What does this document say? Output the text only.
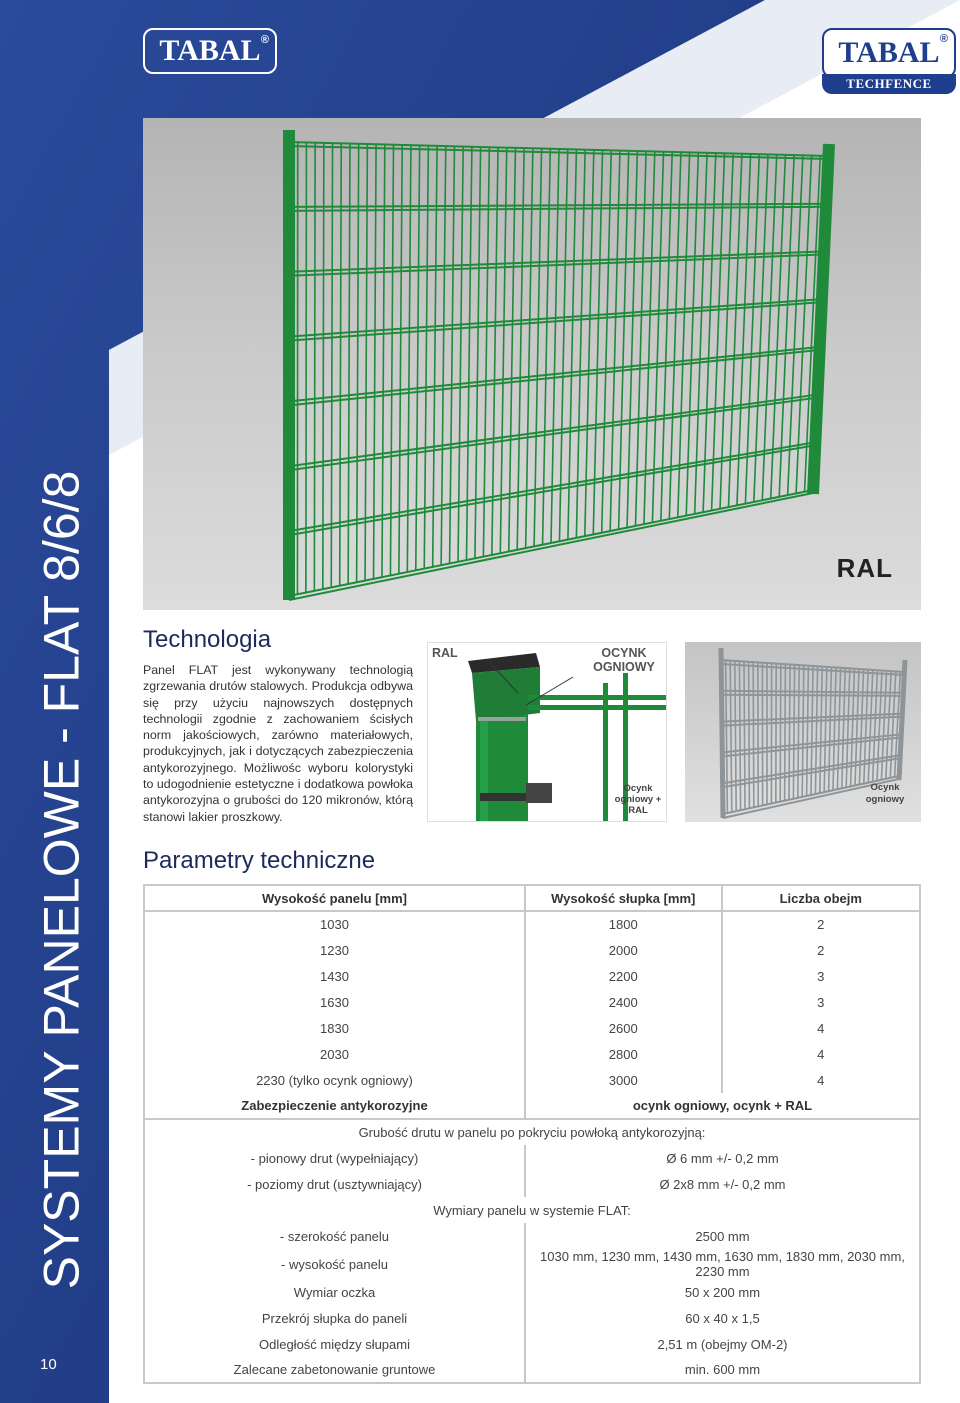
TABAL ®	TABAL ®
TECHFENCE
SYSTEMY PANELOWE - FLAT 8/6/8
10
RAL
Technologia
Panel FLAT jest wykonywany technologią zgrzewania drutów stalowych. Produkcja odbywa się przy użyciu najnowszych dostępnych technologii zgodnie z zachowaniem ścisłych norm jakościowych, zarówno materiałowych, produkcyjnych, jak i dotyczących zabezpieczenia antykorozyjnego. Możliwośc wyboru kolorystyki to udogodnienie estetyczne i dodatkowa powłoka antykorozyjna o grubości do 120 mikronów, którą stanowi lakier proszkowy.
RAL	OCYNK OGNIOWY
Ocynk ogniowy + RAL
Ocynk ogniowy
Parametry techniczne
Wysokość panelu [mm]	Wysokość słupka [mm]	Liczba obejm
1030	1800	2
1230	2000	2
1430	2200	3
1630	2400	3
1830	2600	4
2030	2800	4
2230 (tylko ocynk ogniowy)	3000	4
Zabezpieczenie antykorozyjne	ocynk ogniowy, ocynk + RAL	
Grubość drutu w panelu po pokryciu powłoką antykorozyjną:		
- pionowy drut (wypełniający)	Ø 6 mm +/- 0,2 mm	
- poziomy drut (usztywniający)	Ø 2x8 mm +/- 0,2 mm	
Wymiary panelu w systemie FLAT:		
- szerokość panelu	2500 mm	
- wysokość panelu	1030 mm, 1230 mm, 1430 mm, 1630 mm, 1830 mm, 2030 mm, 2230 mm	
Wymiar oczka	50 x 200 mm	
Przekrój słupka do paneli	60 x 40 x 1,5	
Odległość między słupami	2,51 m (obejmy OM-2)	
Zalecane zabetonowanie gruntowe	min. 600 mm	
